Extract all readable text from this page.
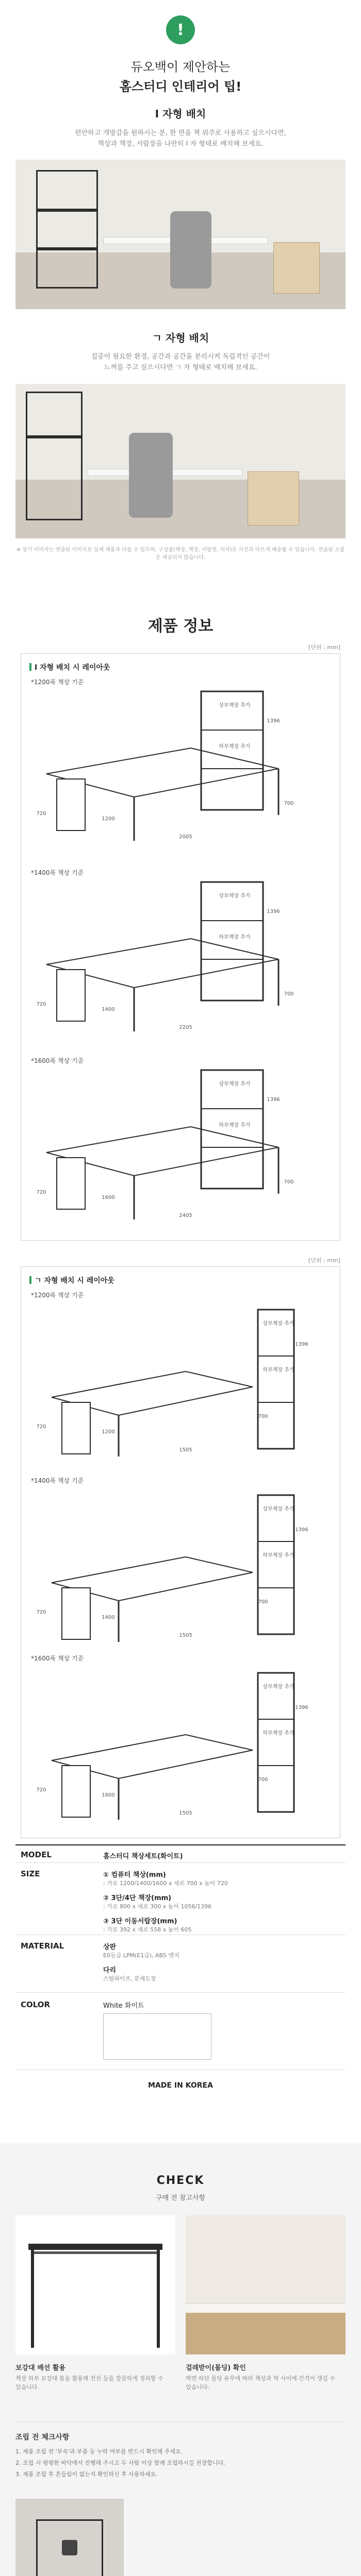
!
듀오백이 제안하는
홈스터디 인테리어 팁!
I 자형 배치
편안하고 개방감을 원하시는 분, 한 면을 책 위주로 사용하고 싶으시다면,
책상과 책장, 서랍장을 나란히 I 자 형태로 배치해 보세요.
ㄱ 자형 배치
집중이 필요한 환경, 공간과 공간을 분리시켜 독립적인 공간이
느껴를 주고 싶으시다면 ㄱ 자 형태로 배치해 보세요.
※ 상기 이미지는 연출된 이미지로 실제 제품과 다를 수 있으며, 구성품(책상, 책장, 서랍장, 의자)은 사진과 다르게 배송될 수 있습니다. 연출된 소품은 제공되지 않습니다.
제품 정보
[단위 : mm]
I 자형 배치 시 레이아웃
[단위 : mm]
ㄱ 자형 배치 시 레이아웃
*1200폭 책상 기준
상부책장 추가
하부책장 추가
1396
720
1200
2005
700
*1400폭 책상 기준
상부책장 추가
하부책장 추가
1396
720
1400
2205
700
*1600폭 책상 기준
상부책장 추가
하부책장 추가
1396
720
1600
2405
700
*1200폭 책상 기준
상부책장 추가
하부책장 추가
1396
720
1200
1505
700
*1400폭 책상 기준
상부책장 추가
하부책장 추가
1396
720
1400
1505
700
*1600폭 책상 기준
상부책장 추가
하부책장 추가
1396
720
1600
1505
700
MODEL	홈스터디 책상세트(화이트)
SIZE	① 컴퓨터 책상(mm)
: 가로 1200/1400/1600 x 세로 700 x 높이 720
② 3단/4단 책장(mm)
: 가로 800 x 세로 300 x 높이 1056/1396
③ 3단 이동서랍장(mm)
: 가로 392 x 세로 558 x 높이 605
MATERIAL	상판
E0등급 LPM(E1급), ABS 엣지
다리
스틸파이프, 분체도장
COLOR	White 화이트
MADE IN KOREA
CHECK
구매 전 참고사항
보강대 배선 활용
책상 하부 보강대 틈을 활용해 전선 등을 깔끔하게 정리할 수 있습니다.
걸레받이(몰딩) 확인
벽면 하단 몰딩 유무에 따라 책상과 벽 사이에 간격이 생길 수 있습니다.
조립 전 체크사항
1. 제품 조립 전 '부속'과 부품 등 누락 여부를 반드시 확인해 주세요.
2. 조립 시 평평한 바닥에서 진행해 주시고 두 사람 이상 함께 조립하시길 권장합니다.
3. 제품 조립 후 흔들림이 없는지 확인하신 후 사용하세요.
